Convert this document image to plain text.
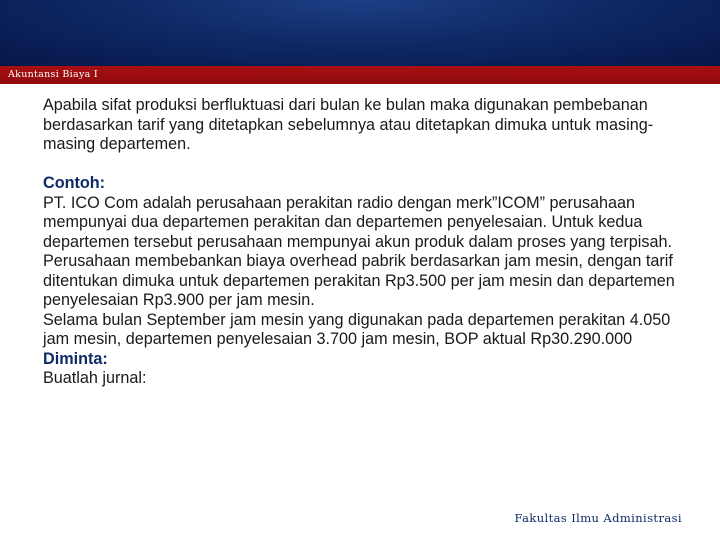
Akuntansi Biaya I
Apabila sifat produksi berfluktuasi dari bulan ke bulan maka digunakan pembebanan berdasarkan tarif yang ditetapkan sebelumnya atau ditetapkan dimuka untuk masing-masing departemen.
Contoh:
PT. ICO Com adalah perusahaan perakitan radio dengan merk”ICOM” perusahaan mempunyai dua departemen perakitan dan departemen penyelesaian. Untuk kedua departemen tersebut perusahaan mempunyai akun produk dalam proses yang terpisah.
Perusahaan membebankan biaya overhead pabrik berdasarkan jam mesin, dengan tarif ditentukan dimuka untuk departemen perakitan Rp3.500 per jam mesin dan departemen penyelesaian Rp3.900 per jam mesin.
Selama bulan September jam mesin yang digunakan pada departemen perakitan 4.050 jam mesin, departemen penyelesaian 3.700 jam mesin, BOP aktual Rp30.290.000
Diminta:
Buatlah jurnal:
Fakultas Ilmu Administrasi
